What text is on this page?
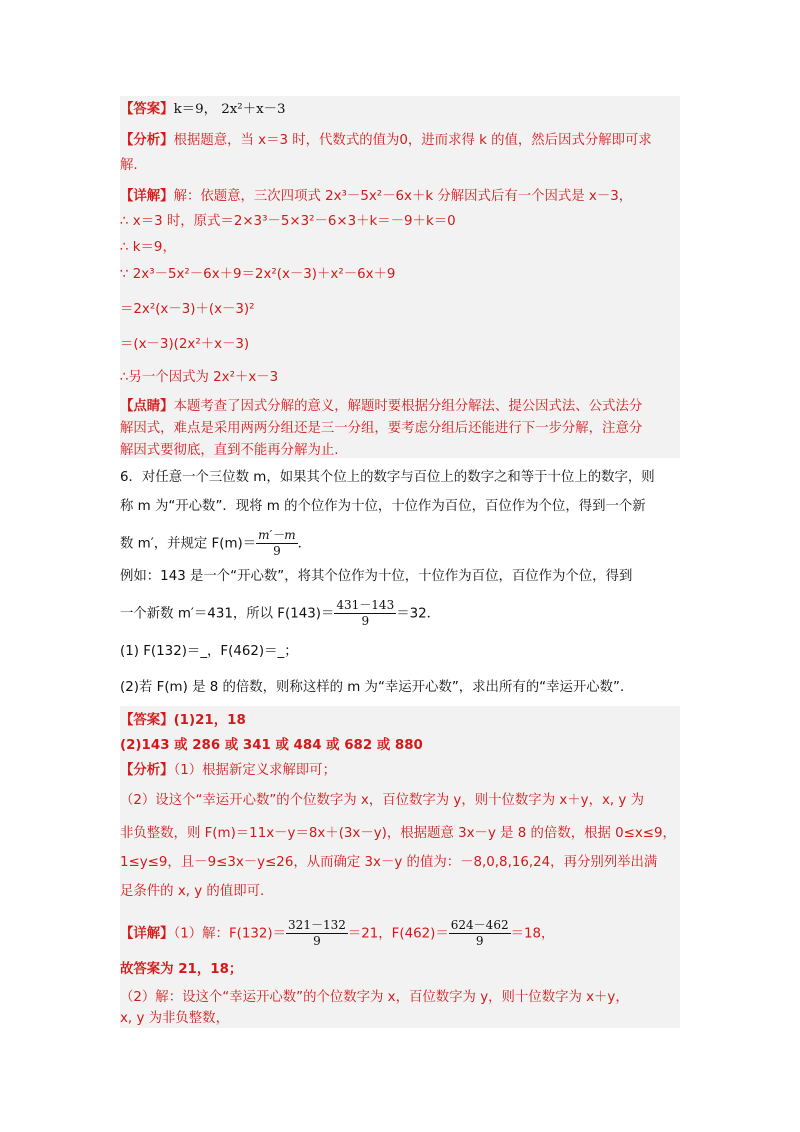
【答案】k＝9， 2x²＋x－3
【分析】根据题意，当 x＝3 时，代数式的值为0，进而求得 k 的值，然后因式分解即可求
解.
【详解】解：依题意，三次四项式 2x³－5x²－6x＋k 分解因式后有一个因式是 x－3，
∴ x＝3 时，原式＝2×3³－5×3²－6×3＋k＝－9＋k＝0
∴ k＝9，
∵ 2x³－5x²－6x＋9＝2x²(x－3)＋x²－6x＋9
＝2x²(x－3)＋(x－3)²
＝(x－3)(2x²＋x－3)
∴另一个因式为 2x²＋x－3
【点睛】本题考查了因式分解的意义，解题时要根据分组分解法、提公因式法、公式法分
解因式，难点是采用两两分组还是三一分组，要考虑分组后还能进行下一步分解，注意分
解因式要彻底，直到不能再分解为止.
6．对任意一个三位数 m，如果其个位上的数字与百位上的数字之和等于十位上的数字，则
称 m 为“开心数”．现将 m 的个位作为十位，十位作为百位，百位作为个位，得到一个新
数 m′，并规定 $F(m)= \frac{m'-m}{9}$ ．
例如：143 是一个“开心数”，将其个位作为十位，十位作为百位，百位作为个位，得到
一个新数 m′＝431，所以 $F(143)= \frac{431-143}{9} =32$．
(1) F(132)＝_，F(462)＝_；
(2)若 F(m) 是 8 的倍数，则称这样的 m 为“幸运开心数”，求出所有的“幸运开心数”．
【答案】(1)21，18
(2)143 或 286 或 341 或 484 或 682 或 880
【分析】（1）根据新定义求解即可；
（2）设这个“幸运开心数”的个位数字为 x，百位数字为 y，则十位数字为 x＋y，x, y 为
非负整数，则 F(m)＝11x－y＝8x＋(3x－y)，根据题意 3x－y 是 8 的倍数，根据 0≤x≤9，
1≤y≤9，且－9≤3x－y≤26，从而确定 3x－y 的值为：－8,0,8,16,24，再分别列举出满
足条件的 x, y 的值即可.
【详解】（1）解：$F(132)= \frac{321-132}{9} =21$，$F(462)= \frac{624-462}{9} =18$，
故答案为 21，18；
（2）解：设这个“幸运开心数”的个位数字为 x，百位数字为 y，则十位数字为 x＋y，
x, y 为非负整数，
